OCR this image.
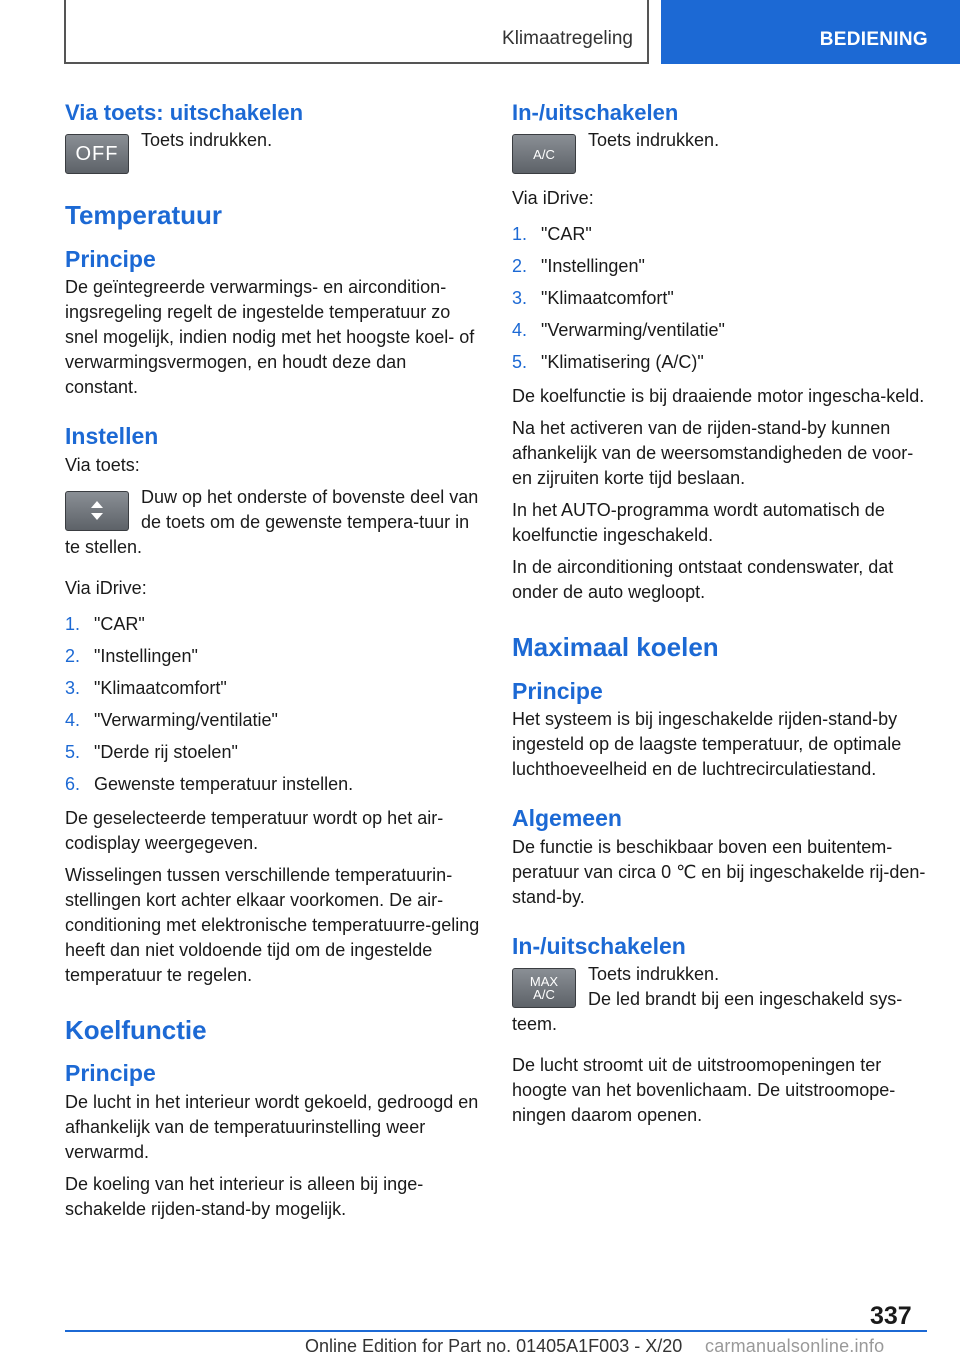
Klimaatregeling	BEDIENING
Via toets: uitschakelen
OFF

Toets indrukken.

Temperatuur
Principe

De geïntegreerde verwarmings- en aircondition-ingsregeling regelt de ingestelde temperatuur zo snel mogelijk, indien nodig met het hoogste koel- of verwarmingsvermogen, en houdt deze dan constant.

Instellen

Via toets:

Duw op het onderste of bovenste deel van de toets om de gewenste tempera-tuur in te stellen.

Via iDrive:

1. "CAR"
2. "Instellingen"
3. "Klimaatcomfort"
4. "Verwarming/ventilatie"
5. "Derde rij stoelen"
6. Gewenste temperatuur instellen.

De geselecteerde temperatuur wordt op het air-codisplay weergegeven.

Wisselingen tussen verschillende temperatuurin-stellingen kort achter elkaar voorkomen. De air-conditioning met elektronische temperatuurre-geling heeft dan niet voldoende tijd om de ingestelde temperatuur te regelen.

Koelfunctie
Principe

De lucht in het interieur wordt gekoeld, gedroogd en afhankelijk van de temperatuurinstelling weer verwarmd.

De koeling van het interieur is alleen bij inge-schakelde rijden-stand-by mogelijk.

In-/uitschakelen
A/C

Toets indrukken.

Via iDrive:

1. "CAR"
2. "Instellingen"
3. "Klimaatcomfort"
4. "Verwarming/ventilatie"
5. "Klimatisering (A/C)"

De koelfunctie is bij draaiende motor ingescha-keld.

Na het activeren van de rijden-stand-by kunnen afhankelijk van de weersomstandigheden de voor- en zijruiten korte tijd beslaan.

In het AUTO-programma wordt automatisch de koelfunctie ingeschakeld.

In de airconditioning ontstaat condenswater, dat onder de auto wegloopt.

Maximaal koelen
Principe

Het systeem is bij ingeschakelde rijden-stand-by ingesteld op de laagste temperatuur, de optimale luchthoeveelheid en de luchtrecirculatiestand.

Algemeen

De functie is beschikbaar boven een buitentem-peratuur van circa 0 ℃ en bij ingeschakelde rij-den-stand-by.

In-/uitschakelen
MAX
A/C

Toets indrukken.

De led brandt bij een ingeschakeld sys-teem.

De lucht stroomt uit de uitstroomopeningen ter hoogte van het bovenlichaam. De uitstroomope-ningen daarom openen.

337
Online Edition for Part no. 01405A1F003 - X/20 carmanualsonline.info
